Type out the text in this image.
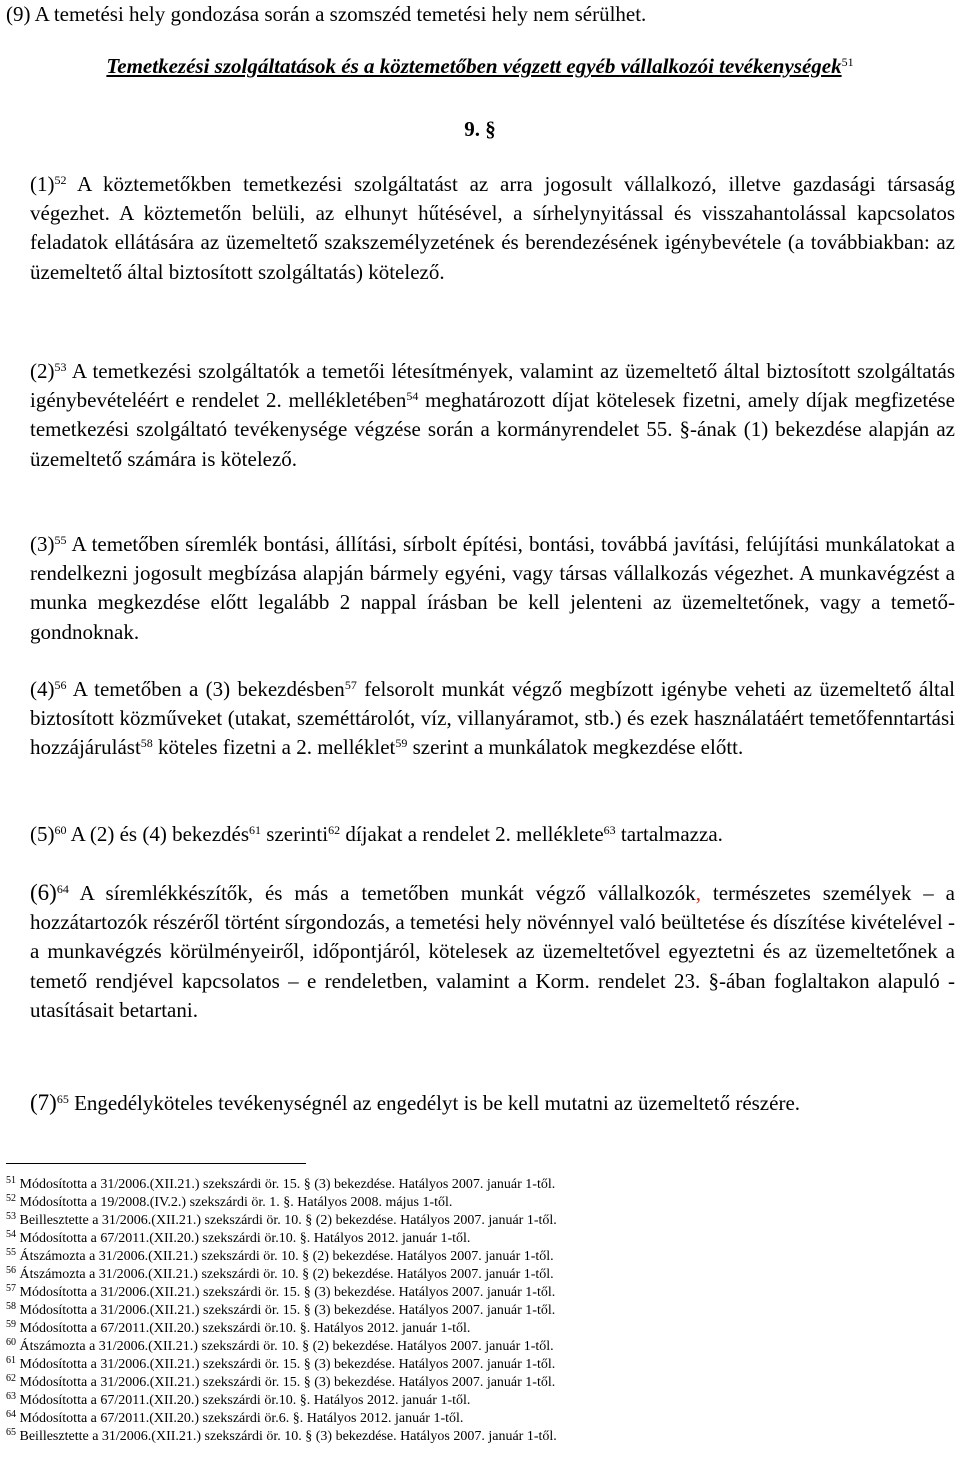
(9) A temetési hely gondozása során a szomszéd temetési hely nem sérülhet.
Temetkezési szolgáltatások és a köztemetőben végzett egyéb vállalkozói tevékenységek$^{51}$
9. §
$(1)^{52}$ A köztemetőkben temetkezési szolgáltatást az arra jogosult vállalkozó, illetve gazdasági társaság végezhet. A köztemetőn belüli, az elhunyt hűtésével, a sírhelynyitással és visszahantolással kapcsolatos feladatok ellátására az üzemeltető szakszemélyzetének és berendezésének igénybevétele (a továbbiakban: az üzemeltető által biztosított szolgáltatás) kötelező.
$(2)^{53}$ A temetkezési szolgáltatók a temetői létesítmények, valamint az üzemeltető által biztosított szolgáltatás igénybevételéért e rendelet 2. mellékletében$^{54}$ meghatározott díjat kötelesek fizetni, amely díjak megfizetése temetkezési szolgáltató tevékenysége végzése során a kormányrendelet 55. §-ának (1) bekezdése alapján az üzemeltető számára is kötelező.
$(3)^{55}$ A temetőben síremlék bontási, állítási, sírbolt építési, bontási, továbbá javítási, felújítási munkálatokat a rendelkezni jogosult megbízása alapján bármely egyéni, vagy társas vállalkozás végezhet. A munkavégzést a munka megkezdése előtt legalább 2 nappal írásban be kell jelenteni az üzemeltetőnek, vagy a temető- gondnoknak.
$(4)^{56}$ A temetőben a (3) bekezdésben$^{57}$ felsorolt munkát végző megbízott igénybe veheti az üzemeltető által biztosított közműveket (utakat, szeméttárolót, víz, villanyáramot, stb.) és ezek használatáért temetőfenntartási hozzájárulást$^{58}$ köteles fizetni a 2. melléklet$^{59}$ szerint a munkálatok megkezdése előtt.
$(5)^{60}$ A (2) és (4) bekezdés$^{61}$ szerinti$^{62}$ díjakat a rendelet 2. melléklete$^{63}$ tartalmazza.
$(6)^{64}$ A síremlékkészítők, és más a temetőben munkát végző vállalkozók, természetes személyek – a hozzátartozók részéről történt sírgondozás, a temetési hely növénnyel való beültetése és díszítése kivételével - a munkavégzés körülményeiről, időpontjáról, kötelesek az üzemeltetővel egyeztetni és az üzemeltetőnek a temető rendjével kapcsolatos – e rendeletben, valamint a Korm. rendelet 23. §-ában foglaltakon alapuló - utasításait betartani.
$(7)^{65}$ Engedélyköteles tevékenységnél az engedélyt is be kell mutatni az üzemeltető részére.
$^{51}$ Módosította a 31/2006.(XII.21.) szekszárdi ör. 15. § (3) bekezdése. Hatályos 2007. január 1-től.
$^{52}$ Módosította a 19/2008.(IV.2.) szekszárdi ör. 1. §. Hatályos 2008. május 1-től.
$^{53}$ Beillesztette a 31/2006.(XII.21.) szekszárdi ör. 10. § (2) bekezdése. Hatályos 2007. január 1-től.
$^{54}$ Módosította a 67/2011.(XII.20.) szekszárdi ör.10. §. Hatályos 2012. január 1-től.
$^{55}$ Átszámozta a 31/2006.(XII.21.) szekszárdi ör. 10. § (2) bekezdése. Hatályos 2007. január 1-től.
$^{56}$ Átszámozta a 31/2006.(XII.21.) szekszárdi ör. 10. § (2) bekezdése. Hatályos 2007. január 1-től.
$^{57}$ Módosította a 31/2006.(XII.21.) szekszárdi ör. 15. § (3) bekezdése. Hatályos 2007. január 1-től.
$^{58}$ Módosította a 31/2006.(XII.21.) szekszárdi ör. 15. § (3) bekezdése. Hatályos 2007. január 1-től.
$^{59}$ Módosította a 67/2011.(XII.20.) szekszárdi ör.10. §. Hatályos 2012. január 1-től.
$^{60}$ Átszámozta a 31/2006.(XII.21.) szekszárdi ör. 10. § (2) bekezdése. Hatályos 2007. január 1-től.
$^{61}$ Módosította a 31/2006.(XII.21.) szekszárdi ör. 15. § (3) bekezdése. Hatályos 2007. január 1-től.
$^{62}$ Módosította a 31/2006.(XII.21.) szekszárdi ör. 15. § (3) bekezdése. Hatályos 2007. január 1-től.
$^{63}$ Módosította a 67/2011.(XII.20.) szekszárdi ör.10. §. Hatályos 2012. január 1-től.
$^{64}$ Módosította a 67/2011.(XII.20.) szekszárdi ör.6. §. Hatályos 2012. január 1-től.
$^{65}$ Beillesztette a 31/2006.(XII.21.) szekszárdi ör. 10. § (3) bekezdése. Hatályos 2007. január 1-től.
